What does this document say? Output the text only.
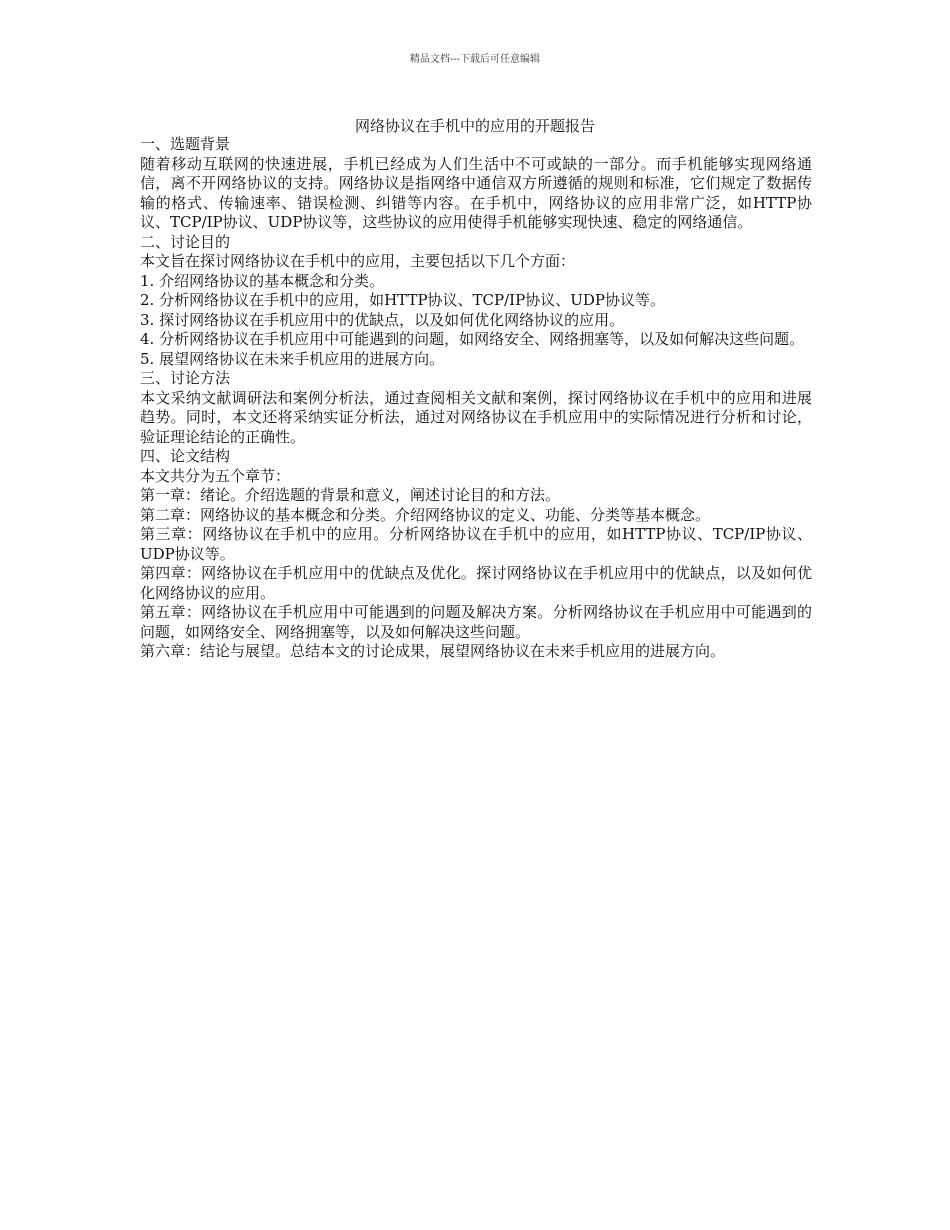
精品文档---下载后可任意编辑
网络协议在手机中的应用的开题报告

一、选题背景

随着移动互联网的快速进展，手机已经成为人们生活中不可或缺的一部分。而手机能够实现网络通信，离不开网络协议的支持。网络协议是指网络中通信双方所遵循的规则和标准，它们规定了数据传输的格式、传输速率、错误检测、纠错等内容。在手机中，网络协议的应用非常广泛，如HTTP协议、TCP/IP协议、UDP协议等，这些协议的应用使得手机能够实现快速、稳定的网络通信。

二、讨论目的

本文旨在探讨网络协议在手机中的应用，主要包括以下几个方面：

1. 介绍网络协议的基本概念和分类。

2. 分析网络协议在手机中的应用，如HTTP协议、TCP/IP协议、UDP协议等。

3. 探讨网络协议在手机应用中的优缺点，以及如何优化网络协议的应用。

4. 分析网络协议在手机应用中可能遇到的问题，如网络安全、网络拥塞等，以及如何解决这些问题。

5. 展望网络协议在未来手机应用的进展方向。

三、讨论方法

本文采纳文献调研法和案例分析法，通过查阅相关文献和案例，探讨网络协议在手机中的应用和进展趋势。同时，本文还将采纳实证分析法，通过对网络协议在手机应用中的实际情况进行分析和讨论，验证理论结论的正确性。

四、论文结构

本文共分为五个章节：

第一章：绪论。介绍选题的背景和意义，阐述讨论目的和方法。

第二章：网络协议的基本概念和分类。介绍网络协议的定义、功能、分类等基本概念。

第三章：网络协议在手机中的应用。分析网络协议在手机中的应用，如HTTP协议、TCP/IP协议、UDP协议等。

第四章：网络协议在手机应用中的优缺点及优化。探讨网络协议在手机应用中的优缺点，以及如何优化网络协议的应用。

第五章：网络协议在手机应用中可能遇到的问题及解决方案。分析网络协议在手机应用中可能遇到的问题，如网络安全、网络拥塞等，以及如何解决这些问题。

第六章：结论与展望。总结本文的讨论成果，展望网络协议在未来手机应用的进展方向。
